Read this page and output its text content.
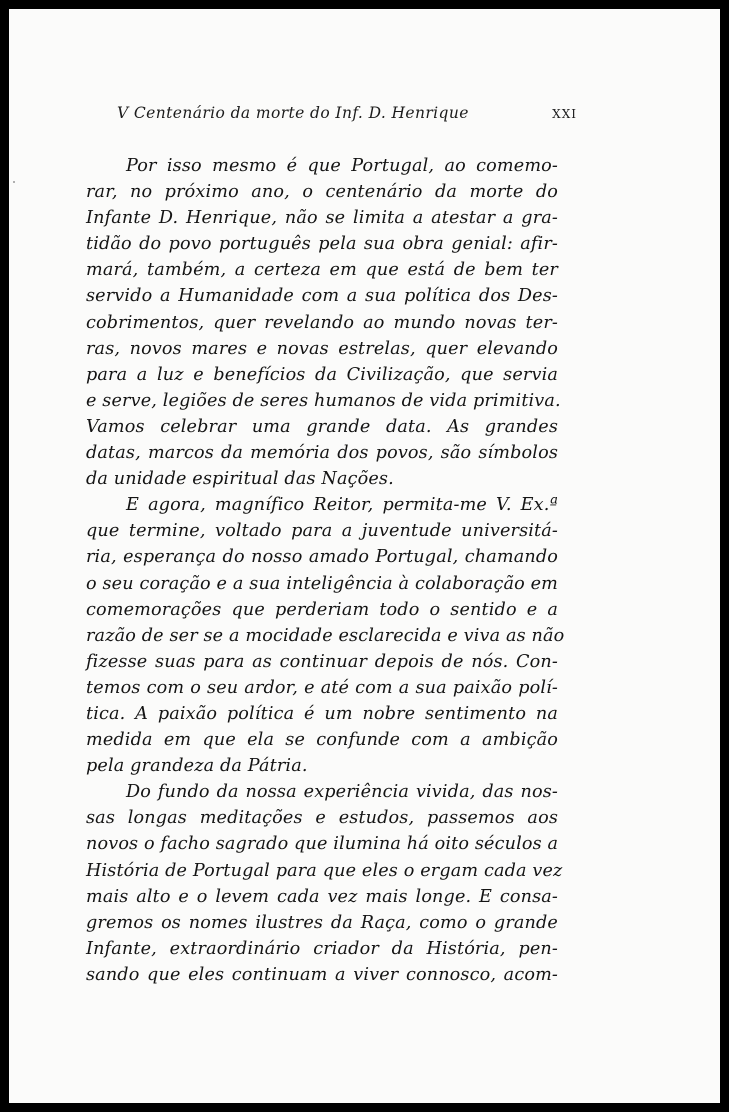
V Centenário da morte do Inf. D. Henrique	XXI
Por isso mesmo é que Portugal, ao comemo-
rar, no próximo ano, o centenário da morte do
Infante D. Henrique, não se limita a atestar a gra-
tidão do povo português pela sua obra genial: afir-
mará, também, a certeza em que está de bem ter
servido a Humanidade com a sua política dos Des-
cobrimentos, quer revelando ao mundo novas ter-
ras, novos mares e novas estrelas, quer elevando
para a luz e benefícios da Civilização, que servia
e serve, legiões de seres humanos de vida primitiva.
Vamos celebrar uma grande data. As grandes
datas, marcos da memória dos povos, são símbolos
da unidade espiritual das Nações.
E agora, magnífico Reitor, permita-me V. Ex.ª
que termine, voltado para a juventude universitá-
ria, esperança do nosso amado Portugal, chamando
o seu coração e a sua inteligência à colaboração em
comemorações que perderiam todo o sentido e a
razão de ser se a mocidade esclarecida e viva as não
fizesse suas para as continuar depois de nós. Con-
temos com o seu ardor, e até com a sua paixão polí-
tica. A paixão política é um nobre sentimento na
medida em que ela se confunde com a ambição
pela grandeza da Pátria.
Do fundo da nossa experiência vivida, das nos-
sas longas meditações e estudos, passemos aos
novos o facho sagrado que ilumina há oito séculos a
História de Portugal para que eles o ergam cada vez
mais alto e o levem cada vez mais longe. E consa-
gremos os nomes ilustres da Raça, como o grande
Infante, extraordinário criador da História, pen-
sando que eles continuam a viver connosco, acom-
